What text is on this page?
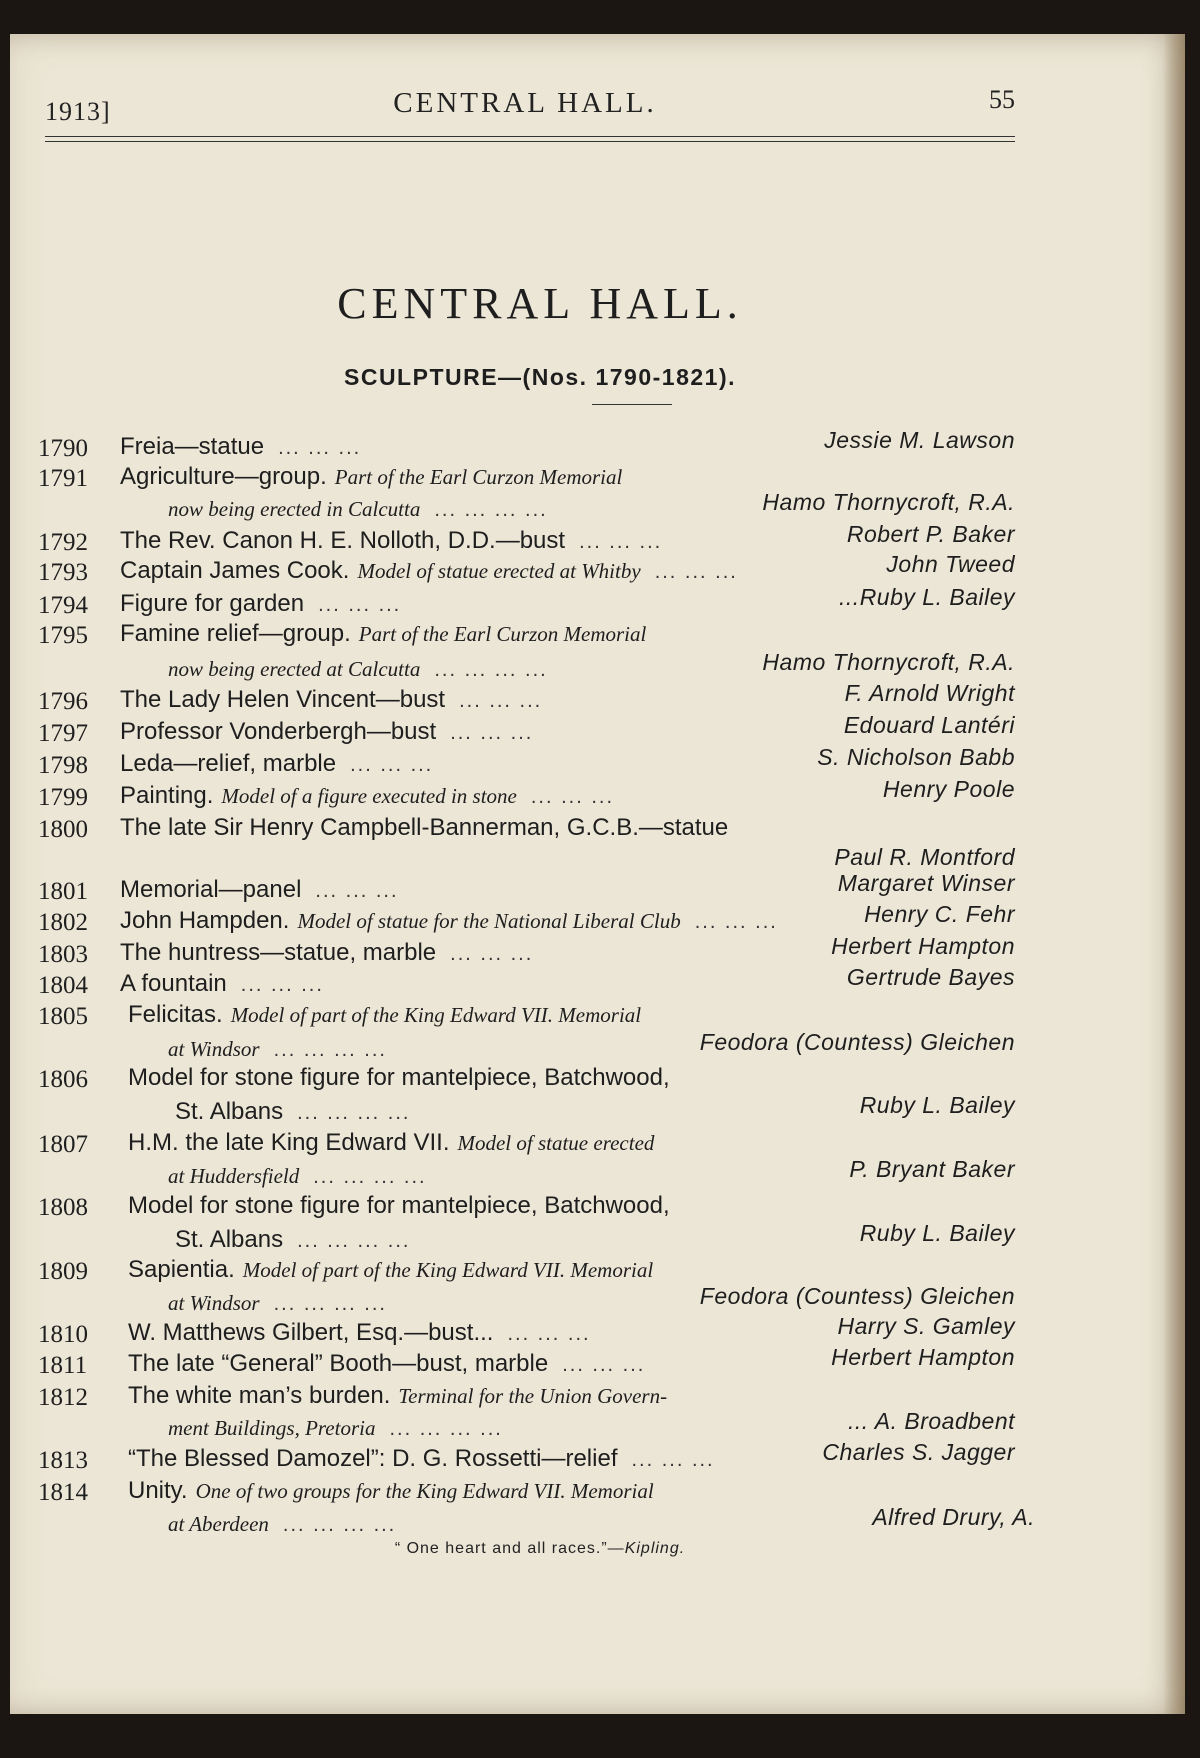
1913]	CENTRAL HALL.	55
CENTRAL HALL.
SCULPTURE—(Nos. 1790-1821).
1790 Freia—statue ... ... ...	Jessie M. Lawson
1791 Agriculture—group. Part of the Earl Curzon Memorial
now being erected in Calcutta ... ... ... ...	Hamo Thornycroft, R.A.
1792 The Rev. Canon H. E. Nolloth, D.D.—bust ... ... ...	Robert P. Baker
1793 Captain James Cook. Model of statue erected at Whitby ... ... ...	John Tweed
1794 Figure for garden ... ... ...	...Ruby L. Bailey
1795 Famine relief—group. Part of the Earl Curzon Memorial
now being erected at Calcutta ... ... ... ...	Hamo Thornycroft, R.A.
1796 The Lady Helen Vincent—bust ... ... ...	F. Arnold Wright
1797 Professor Vonderbergh—bust ... ... ...	Edouard Lantéri
1798 Leda—relief, marble ... ... ...	S. Nicholson Babb
1799 Painting. Model of a figure executed in stone ... ... ...	Henry Poole
1800 The late Sir Henry Campbell-Bannerman, G.C.B.—statue
Paul R. Montford
1801 Memorial—panel ... ... ...	Margaret Winser
1802 John Hampden. Model of statue for the National Liberal Club ... ... ...	Henry C. Fehr
1803 The huntress—statue, marble ... ... ...	Herbert Hampton
1804 A fountain ... ... ...	Gertrude Bayes
1805 Felicitas. Model of part of the King Edward VII. Memorial
at Windsor ... ... ... ...	Feodora (Countess) Gleichen
1806 Model for stone figure for mantelpiece, Batchwood,
St. Albans ... ... ... ...	Ruby L. Bailey
1807 H.M. the late King Edward VII. Model of statue erected
at Huddersfield ... ... ... ...	P. Bryant Baker
1808 Model for stone figure for mantelpiece, Batchwood,
St. Albans ... ... ... ...	Ruby L. Bailey
1809 Sapientia. Model of part of the King Edward VII. Memorial
at Windsor ... ... ... ...	Feodora (Countess) Gleichen
1810 W. Matthews Gilbert, Esq.—bust... ... ... ...	Harry S. Gamley
1811 The late “General” Booth—bust, marble ... ... ...	Herbert Hampton
1812 The white man’s burden. Terminal for the Union Govern-
ment Buildings, Pretoria ... ... ... ...	... A. Broadbent
1813 “The Blessed Damozel”: D. G. Rossetti—relief ... ... ...	Charles S. Jagger
1814 Unity. One of two groups for the King Edward VII. Memorial
at Aberdeen ... ... ... ...	Alfred Drury, A.
“ One heart and all races.”—Kipling.
